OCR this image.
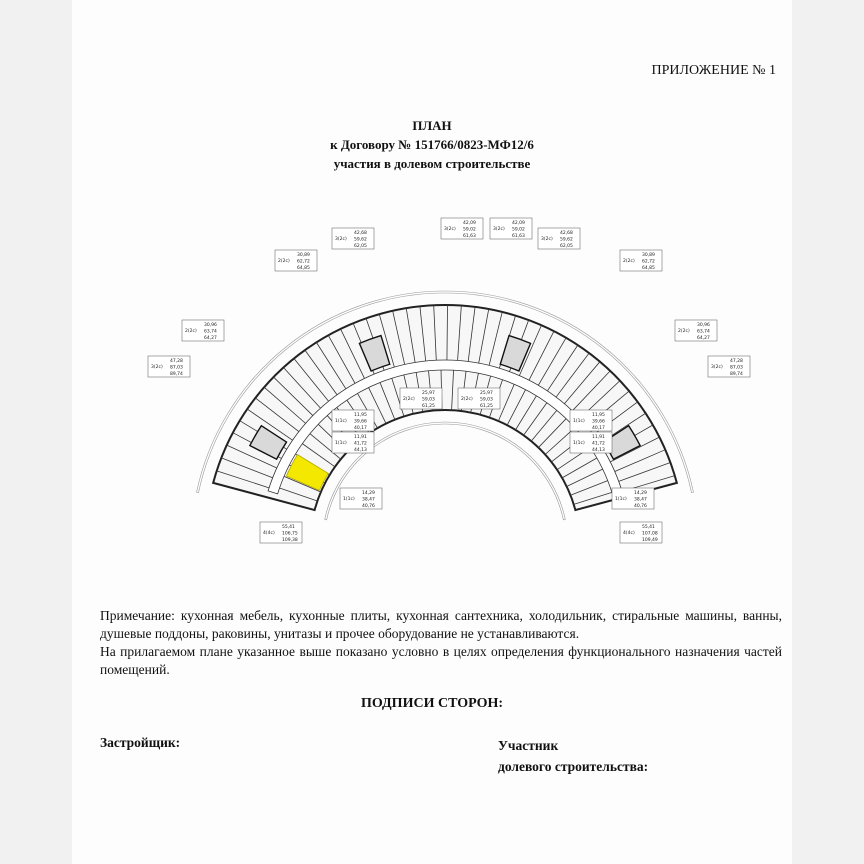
ПРИЛОЖЕНИЕ № 1
ПЛАН
к Договору № 151766/0823-МФ12/6
участия в долевом строительстве
2(2с)
30,89
62,72
64,85
3(2с)
42,68
59,62
62,05
3(2с)
42,09
59,02
61,63
3(2с)
42,09
59,02
61,63
3(2с)
42,68
59,62
62,05
2(2с)
30,89
62,72
64,85
2(2с)
30,96
63,74
64,27
3(2с)
47,28
87,03
89,74
2(2с)
30,96
63,74
64,27
3(2с)
47,28
87,03
89,74
2(2с)
25,97
59,03
61,25
2(2с)
25,97
59,03
61,25
1(1с)
11,95
39,66
40,17
1(1с)
11,95
39,66
40,17
1(1с)
11,91
41,72
44,13
1(1с)
11,91
41,72
44,13
1(1с)
14,29
38,47
40,76
1(1с)
14,29
38,47
40,76
4(4с)
55,41
106,75
109,38
4(4с)
55,41
107,08
109,49

Примечание: кухонная мебель, кухонные плиты, кухонная сантехника, холодильник, стиральные машины, ванны, душевые поддоны, раковины, унитазы и прочее оборудование не устанавливаются.

На прилагаемом плане указанное выше показано условно в целях определения функционального назначения частей помещений.

ПОДПИСИ СТОРОН:
Застройщик:	Участник
долевого строительства:
